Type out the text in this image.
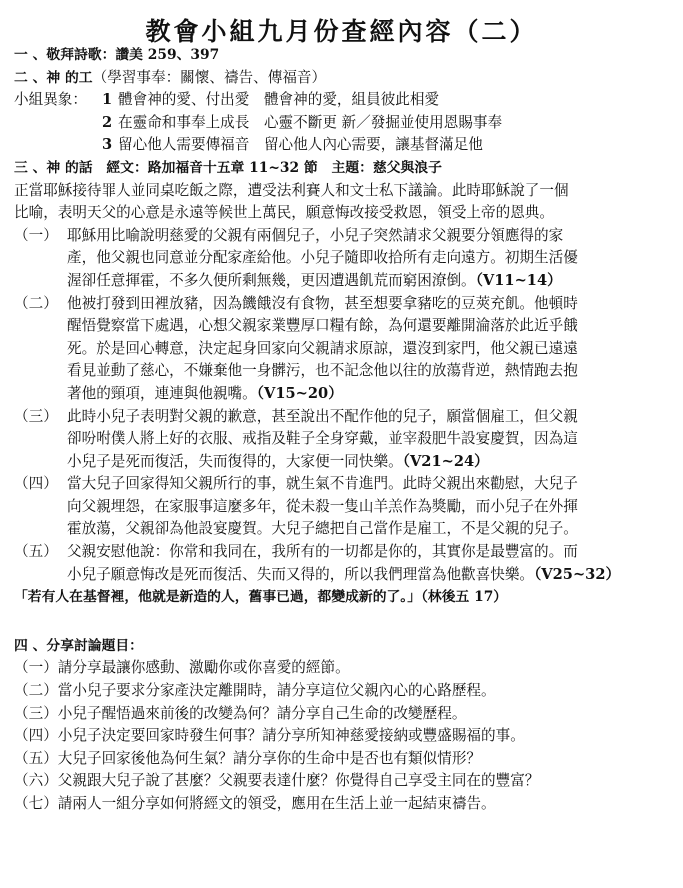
教會小組九月份查經內容（二）
一 、敬拜詩歌：讚美 259、397
二 、神 的工（學習事奉：關懷、禱告、傳福音）
小組異象：	1 體會神的愛、付出愛　體會神的愛，組員彼此相愛
2 在靈命和事奉上成長　心靈不斷更 新／發掘並使用恩賜事奉
3 留心他人需要傳福音　留心他人內心需要，讓基督滿足他
三 、神 的話　經文：路加福音十五章 11~32 節　主題：慈父與浪子
正當耶穌接待罪人並同桌吃飯之際，遭受法利賽人和文士私下議論。此時耶穌說了一個
比喻，表明天父的心意是永遠等候世上萬民，願意悔改接受救恩，領受上帝的恩典。
（一） 耶穌用比喻說明慈愛的父親有兩個兒子，小兒子突然請求父親要分領應得的家
產，他父親也同意並分配家產給他。小兒子隨即收拾所有走向遠方。初期生活優
渥卻任意揮霍，不多久便所剩無幾，更因遭遇飢荒而窮困潦倒。（V11~14）
（二） 他被打發到田裡放豬，因為饑餓沒有食物，甚至想要拿豬吃的豆莢充飢。他頓時
醒悟覺察當下處遇，心想父親家業豐厚口糧有餘，為何還要離開淪落於此近乎餓
死。於是回心轉意，決定起身回家向父親請求原諒，還沒到家門，他父親已遠遠
看見並動了慈心，不嫌棄他一身髒污，也不記念他以往的放蕩背逆，熱情跑去抱
著他的頸項，連連與他親嘴。（V15~20）
（三） 此時小兒子表明對父親的歉意，甚至說出不配作他的兒子，願當個雇工，但父親
卻吩咐僕人將上好的衣服、戒指及鞋子全身穿戴，並宰殺肥牛設宴慶賀，因為這
小兒子是死而復活，失而復得的，大家便一同快樂。（V21~24）
（四） 當大兒子回家得知父親所行的事，就生氣不肯進門。此時父親出來勸慰，大兒子
向父親埋怨，在家服事這麼多年，從未殺一隻山羊羔作為獎勵，而小兒子在外揮
霍放蕩，父親卻為他設宴慶賀。大兒子總把自己當作是雇工，不是父親的兒子。
（五） 父親安慰他說：你常和我同在，我所有的一切都是你的，其實你是最豐富的。而
小兒子願意悔改是死而復活、失而又得的，所以我們理當為他歡喜快樂。（V25~32）
「若有人在基督裡，他就是新造的人，舊事已過，都變成新的了。」（林後五 17）
四 、分享討論題目：
（一）請分享最讓你感動、激勵你或你喜愛的經節。
（二）當小兒子要求分家產決定離開時，請分享這位父親內心的心路歷程。
（三）小兒子醒悟過來前後的改變為何？請分享自己生命的改變歷程。
（四）小兒子決定要回家時發生何事？請分享所知神慈愛接納或豐盛賜福的事。
（五）大兒子回家後他為何生氣？請分享你的生命中是否也有類似情形？
（六）父親跟大兒子說了甚麼？父親要表達什麼？你覺得自己享受主同在的豐富？
（七）請兩人一組分享如何將經文的領受，應用在生活上並一起結束禱告。
